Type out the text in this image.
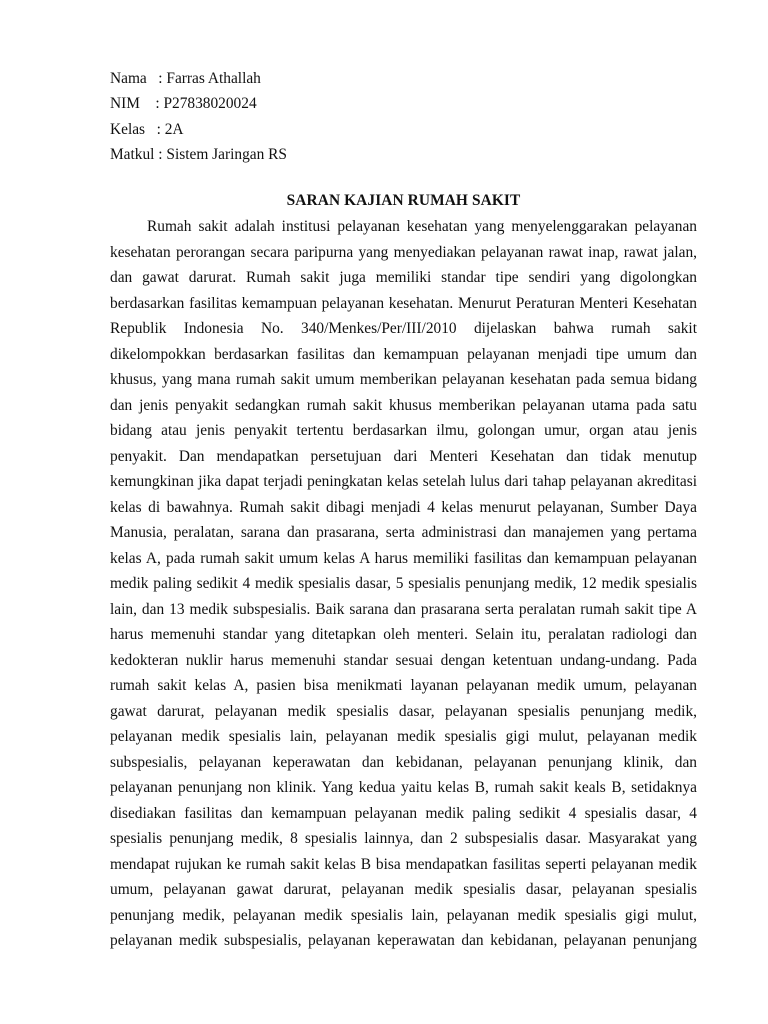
Nama   : Farras Athallah
NIM    : P27838020024
Kelas   : 2A
Matkul : Sistem Jaringan RS
SARAN KAJIAN RUMAH SAKIT
Rumah sakit adalah institusi pelayanan kesehatan yang menyelenggarakan pelayanan
kesehatan perorangan secara paripurna yang menyediakan pelayanan rawat inap, rawat jalan,
dan gawat darurat. Rumah sakit juga memiliki standar tipe sendiri yang digolongkan
berdasarkan fasilitas kemampuan pelayanan kesehatan. Menurut Peraturan Menteri Kesehatan
Republik Indonesia No. 340/Menkes/Per/III/2010 dijelaskan bahwa rumah sakit
dikelompokkan berdasarkan fasilitas dan kemampuan pelayanan menjadi tipe umum dan
khusus, yang mana rumah sakit umum memberikan pelayanan kesehatan pada semua bidang
dan jenis penyakit sedangkan rumah sakit khusus memberikan pelayanan utama pada satu
bidang atau jenis penyakit tertentu berdasarkan ilmu, golongan umur, organ atau jenis
penyakit. Dan mendapatkan persetujuan dari Menteri Kesehatan dan tidak menutup
kemungkinan jika dapat terjadi peningkatan kelas setelah lulus dari tahap pelayanan akreditasi
kelas di bawahnya. Rumah sakit dibagi menjadi 4 kelas menurut pelayanan, Sumber Daya
Manusia, peralatan, sarana dan prasarana, serta administrasi dan manajemen yang pertama
kelas A, pada rumah sakit umum kelas A harus memiliki fasilitas dan kemampuan pelayanan
medik paling sedikit 4 medik spesialis dasar, 5 spesialis penunjang medik, 12 medik spesialis
lain, dan 13 medik subspesialis. Baik sarana dan prasarana serta peralatan rumah sakit tipe A
harus memenuhi standar yang ditetapkan oleh menteri. Selain itu, peralatan radiologi dan
kedokteran nuklir harus memenuhi standar sesuai dengan ketentuan undang-undang. Pada
rumah sakit kelas A, pasien bisa menikmati layanan pelayanan medik umum, pelayanan
gawat darurat, pelayanan medik spesialis dasar, pelayanan spesialis penunjang medik,
pelayanan medik spesialis lain, pelayanan medik spesialis gigi mulut, pelayanan medik
subspesialis, pelayanan keperawatan dan kebidanan, pelayanan penunjang klinik, dan
pelayanan penunjang non klinik. Yang kedua yaitu kelas B, rumah sakit keals B, setidaknya
disediakan fasilitas dan kemampuan pelayanan medik paling sedikit 4 spesialis dasar, 4
spesialis penunjang medik, 8 spesialis lainnya, dan 2 subspesialis dasar. Masyarakat yang
mendapat rujukan ke rumah sakit kelas B bisa mendapatkan fasilitas seperti pelayanan medik
umum, pelayanan gawat darurat, pelayanan medik spesialis dasar, pelayanan spesialis
penunjang medik, pelayanan medik spesialis lain, pelayanan medik spesialis gigi mulut,
pelayanan medik subspesialis, pelayanan keperawatan dan kebidanan, pelayanan penunjang
